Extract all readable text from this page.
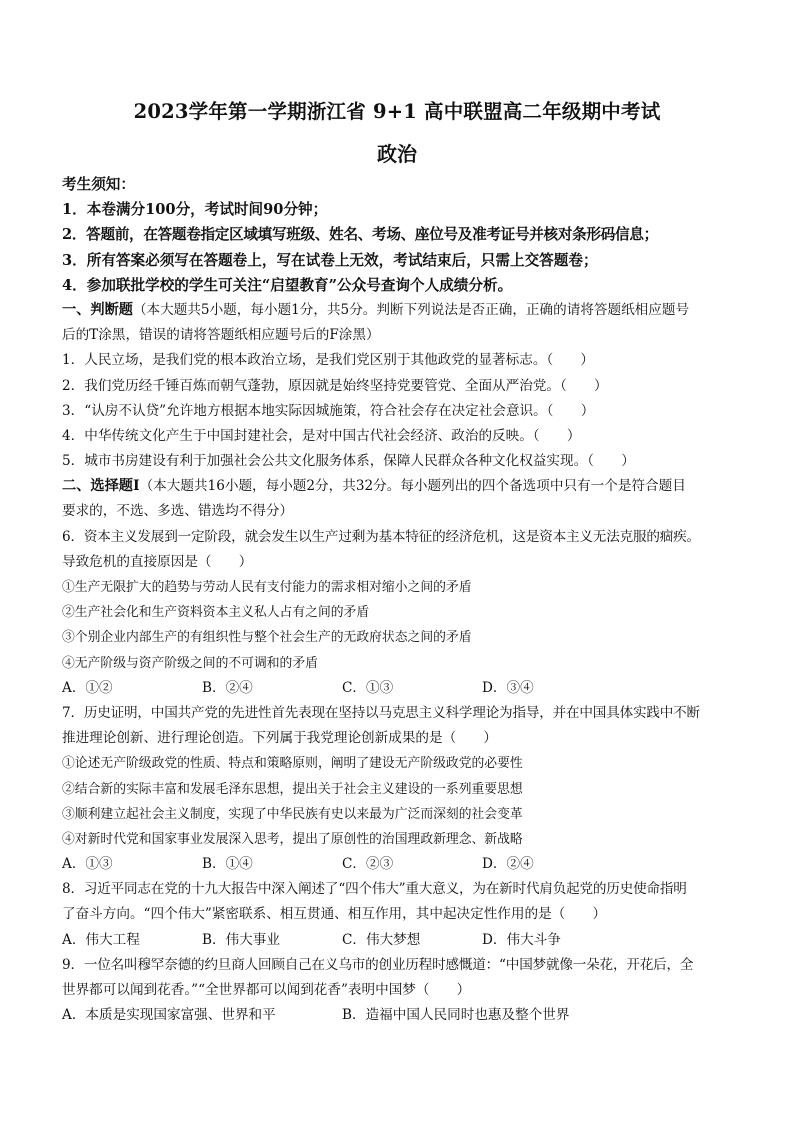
2023学年第一学期浙江省 9+1 高中联盟高二年级期中考试
政治
考生须知：
1．本卷满分100分，考试时间90分钟；
2．答题前，在答题卷指定区域填写班级、姓名、考场、座位号及准考证号并核对条形码信息；
3．所有答案必须写在答题卷上，写在试卷上无效，考试结束后，只需上交答题卷；
4．参加联批学校的学生可关注“启望教育”公众号查询个人成绩分析。
一、判断题（本大题共5小题，每小题1分，共5分。判断下列说法是否正确，正确的请将答题纸相应题号
后的T涂黑，错误的请将答题纸相应题号后的F涂黑）
1．人民立场，是我们党的根本政治立场，是我们党区别于其他政党的显著标志。（　　）
2．我们党历经千锤百炼而朝气蓬勃，原因就是始终坚持党要管党、全面从严治党。（　　）
3．“认房不认贷”允许地方根据本地实际因城施策，符合社会存在决定社会意识。（　　）
4．中华传统文化产生于中国封建社会，是对中国古代社会经济、政治的反映。（　　）
5．城市书房建设有利于加强社会公共文化服务体系，保障人民群众各种文化权益实现。（　　）
二、选择题Ⅰ（本大题共16小题，每小题2分，共32分。每小题列出的四个备选项中只有一个是符合题目
要求的，不选、多选、错选均不得分）
6．资本主义发展到一定阶段，就会发生以生产过剩为基本特征的经济危机，这是资本主义无法克服的痼疾。
导致危机的直接原因是（　　）
①生产无限扩大的趋势与劳动人民有支付能力的需求相对缩小之间的矛盾
②生产社会化和生产资料资本主义私人占有之间的矛盾
③个别企业内部生产的有组织性与整个社会生产的无政府状态之间的矛盾
④无产阶级与资产阶级之间的不可调和的矛盾
A．①②	B．②④	C．①③	D．③④
7．历史证明，中国共产党的先进性首先表现在坚持以马克思主义科学理论为指导，并在中国具体实践中不断
推进理论创新、进行理论创造。下列属于我党理论创新成果的是（　　）
①论述无产阶级政党的性质、特点和策略原则，阐明了建设无产阶级政党的必要性
②结合新的实际丰富和发展毛泽东思想，提出关于社会主义建设的一系列重要思想
③顺利建立起社会主义制度，实现了中华民族有史以来最为广泛而深刻的社会变革
④对新时代党和国家事业发展深入思考，提出了原创性的治国理政新理念、新战略
A．①③	B．①④	C．②③	D．②④
8．习近平同志在党的十九大报告中深入阐述了“四个伟大”重大意义，为在新时代肩负起党的历史使命指明
了奋斗方向。“四个伟大”紧密联系、相互贯通、相互作用，其中起决定性作用的是（　　）
A．伟大工程	B．伟大事业	C．伟大梦想	D．伟大斗争
9．一位名叫穆罕奈德的约旦商人回顾自己在义乌市的创业历程时感慨道：“中国梦就像一朵花，开花后，全
世界都可以闻到花香。”“全世界都可以闻到花香”表明中国梦（　　）
A．本质是实现国家富强、世界和平	B．造福中国人民同时也惠及整个世界
